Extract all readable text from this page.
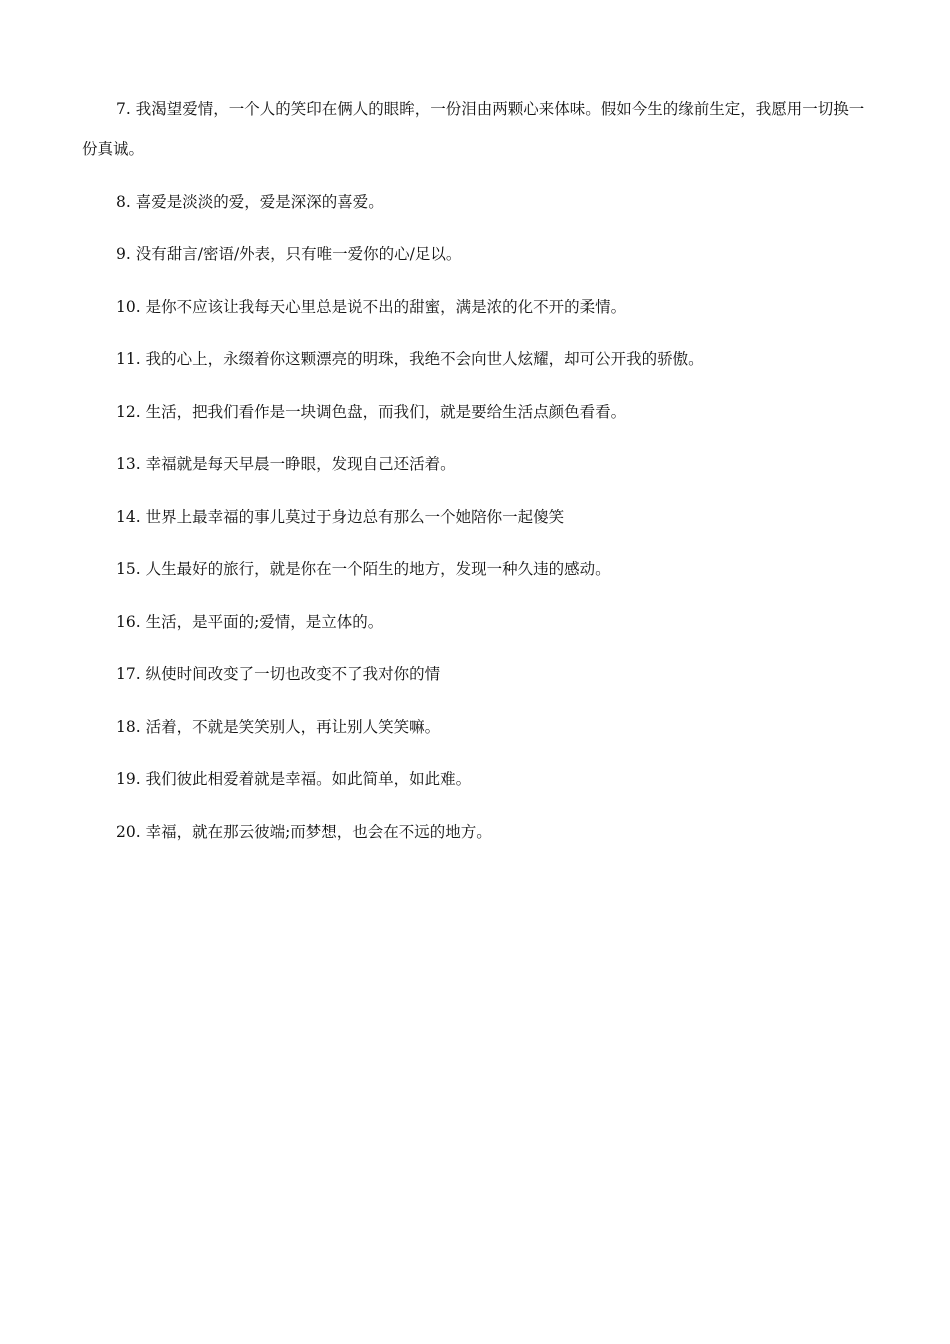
7. 我渴望爱情，一个人的笑印在俩人的眼眸，一份泪由两颗心来体味。假如今生的缘前生定，我愿用一切换一份真诚。

8. 喜爱是淡淡的爱，爱是深深的喜爱。

9. 没有甜言/密语/外表，只有唯一爱你的心/足以。

10. 是你不应该让我每天心里总是说不出的甜蜜，满是浓的化不开的柔情。

11. 我的心上，永缀着你这颗漂亮的明珠，我绝不会向世人炫耀，却可公开我的骄傲。

12. 生活，把我们看作是一块调色盘，而我们，就是要给生活点颜色看看。

13. 幸福就是每天早晨一睁眼，发现自己还活着。

14. 世界上最幸福的事儿莫过于身边总有那么一个她陪你一起傻笑

15. 人生最好的旅行，就是你在一个陌生的地方，发现一种久违的感动。

16. 生活，是平面的;爱情，是立体的。

17. 纵使时间改变了一切也改变不了我对你的情

18. 活着，不就是笑笑别人，再让别人笑笑嘛。

19. 我们彼此相爱着就是幸福。如此简单，如此难。

20. 幸福，就在那云彼端;而梦想，也会在不远的地方。
